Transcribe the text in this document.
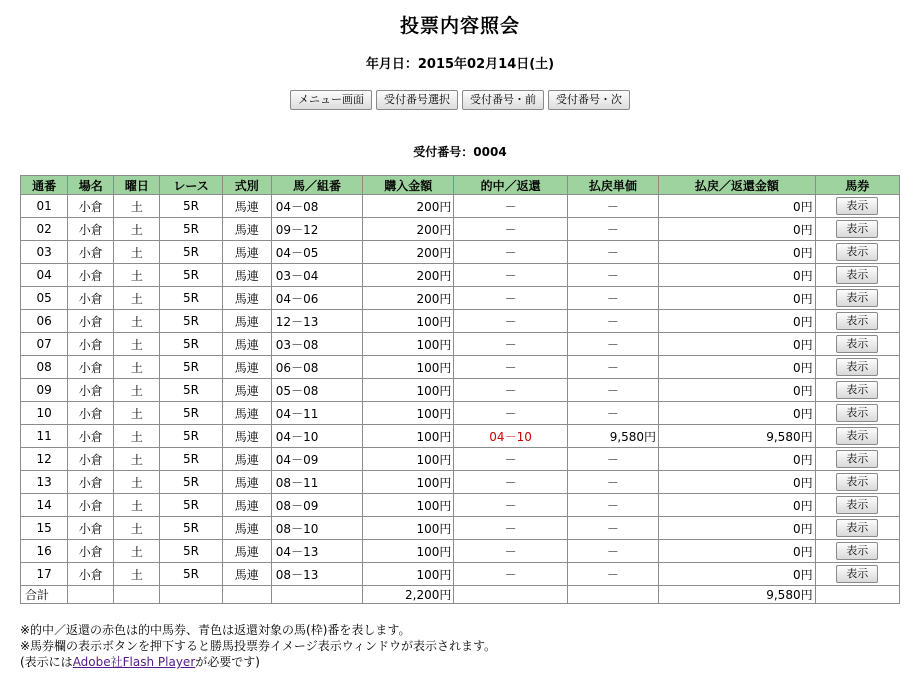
投票内容照会
年月日：2015年02月14日(土)
メニュー画面 受付番号選択 受付番号・前 受付番号・次
受付番号：0004
通番	場名	曜日	レース	式別	馬／組番	購入金額	的中／返還	払戻単価	払戻／返還金額	馬券
01	小倉	土	5R	馬連	04－08	200円	－	－	0円	表示
02	小倉	土	5R	馬連	09－12	200円	－	－	0円	表示
03	小倉	土	5R	馬連	04－05	200円	－	－	0円	表示
04	小倉	土	5R	馬連	03－04	200円	－	－	0円	表示
05	小倉	土	5R	馬連	04－06	200円	－	－	0円	表示
06	小倉	土	5R	馬連	12－13	100円	－	－	0円	表示
07	小倉	土	5R	馬連	03－08	100円	－	－	0円	表示
08	小倉	土	5R	馬連	06－08	100円	－	－	0円	表示
09	小倉	土	5R	馬連	05－08	100円	－	－	0円	表示
10	小倉	土	5R	馬連	04－11	100円	－	－	0円	表示
11	小倉	土	5R	馬連	04－10	100円	04－10	9,580円	9,580円	表示
12	小倉	土	5R	馬連	04－09	100円	－	－	0円	表示
13	小倉	土	5R	馬連	08－11	100円	－	－	0円	表示
14	小倉	土	5R	馬連	08－09	100円	－	－	0円	表示
15	小倉	土	5R	馬連	08－10	100円	－	－	0円	表示
16	小倉	土	5R	馬連	04－13	100円	－	－	0円	表示
17	小倉	土	5R	馬連	08－13	100円	－	－	0円	表示
合計						2,200円			9,580円	
※的中／返還の赤色は的中馬券、青色は返還対象の馬(枠)番を表します。
※馬券欄の表示ボタンを押下すると勝馬投票券イメージ表示ウィンドウが表示されます。
(表示にはAdobe社Flash Playerが必要です)
